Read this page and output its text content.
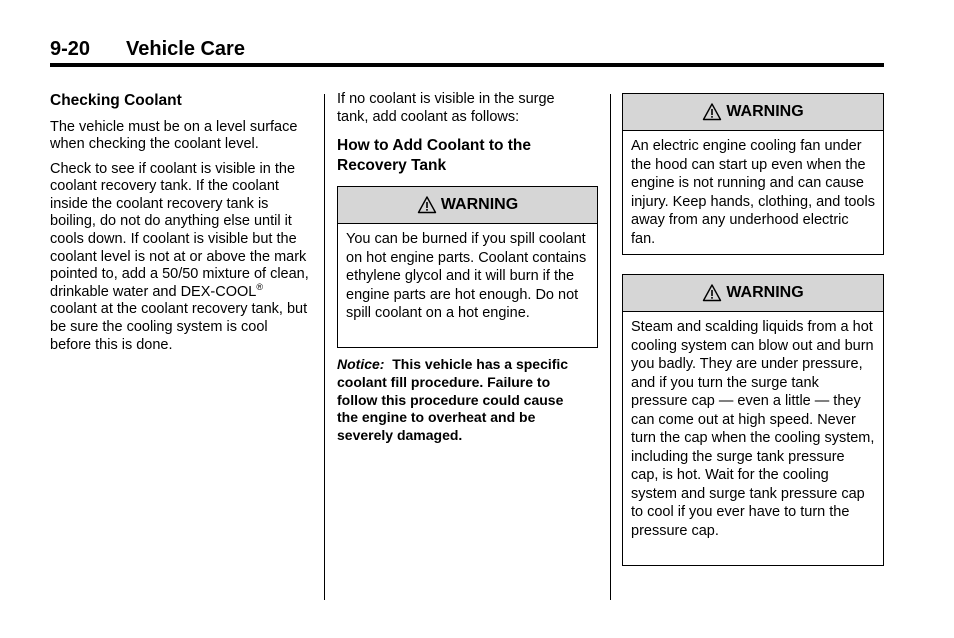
9-20 Vehicle Care

Checking Coolant

The vehicle must be on a level surface when checking the coolant level.

Check to see if coolant is visible in the coolant recovery tank. If the coolant inside the coolant recovery tank is boiling, do not do anything else until it cools down. If coolant is visible but the coolant level is not at or above the mark pointed to, add a 50/50 mixture of clean, drinkable water and DEX-COOL® coolant at the coolant recovery tank, but be sure the cooling system is cool before this is done.

If no coolant is visible in the surge tank, add coolant as follows:

How to Add Coolant to the Recovery Tank

WARNING
You can be burned if you spill coolant on hot engine parts. Coolant contains ethylene glycol and it will burn if the engine parts are hot enough. Do not spill coolant on a hot engine.

Notice: This vehicle has a specific coolant fill procedure. Failure to follow this procedure could cause the engine to overheat and be severely damaged.

WARNING
An electric engine cooling fan under the hood can start up even when the engine is not running and can cause injury. Keep hands, clothing, and tools away from any underhood electric fan.
WARNING
Steam and scalding liquids from a hot cooling system can blow out and burn you badly. They are under pressure, and if you turn the surge tank pressure cap — even a little — they can come out at high speed. Never turn the cap when the cooling system, including the surge tank pressure cap, is hot. Wait for the cooling system and surge tank pressure cap to cool if you ever have to turn the pressure cap.
